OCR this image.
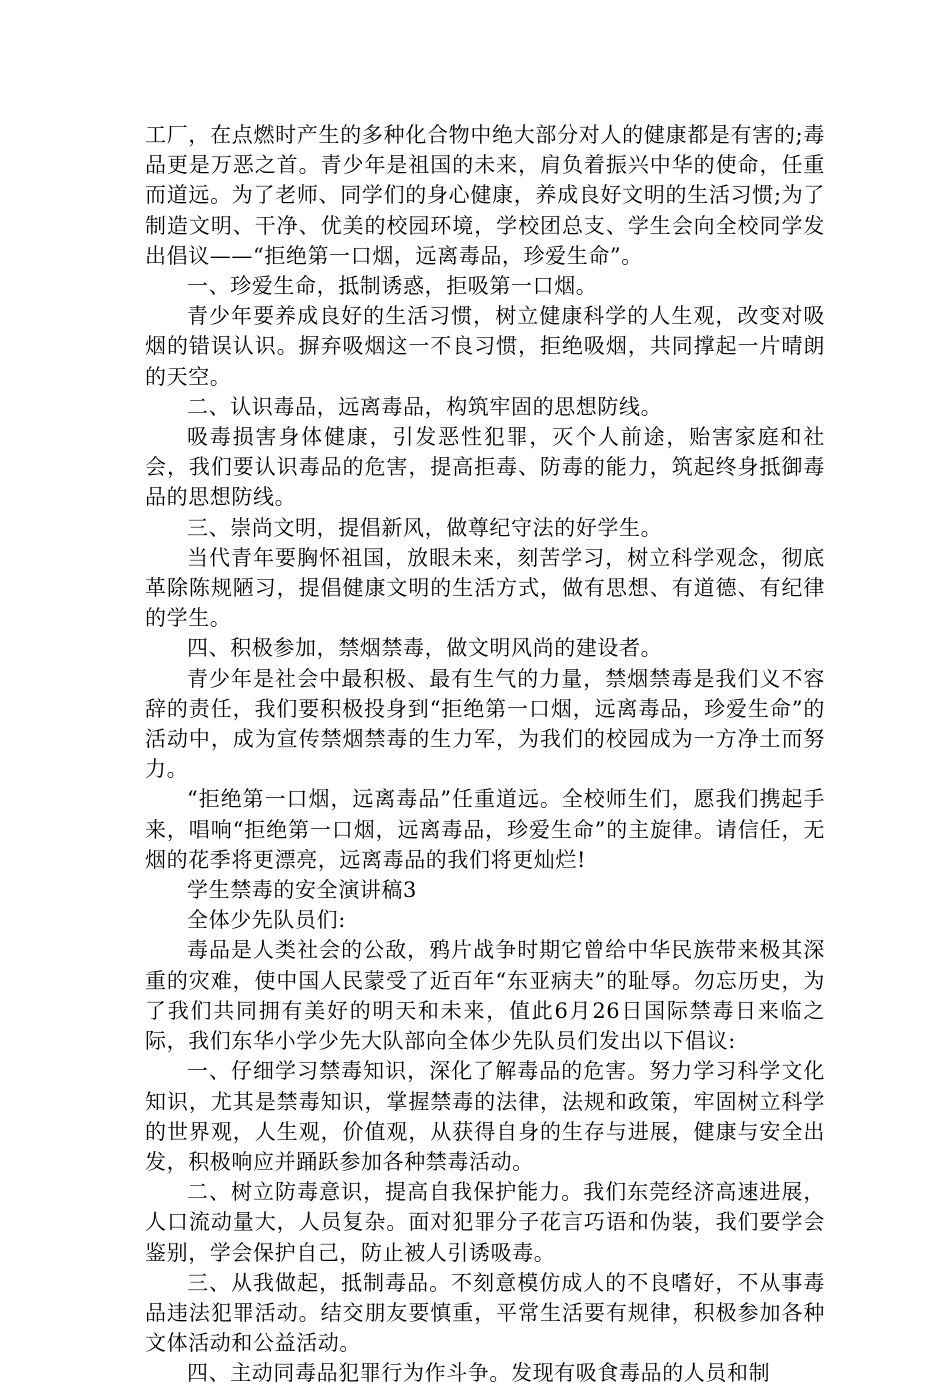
工厂，在点燃时产生的多种化合物中绝大部分对人的健康都是有害的;毒品更是万恶之首。青少年是祖国的未来，肩负着振兴中华的使命，任重而道远。为了老师、同学们的身心健康，养成良好文明的生活习惯;为了制造文明、干净、优美的校园环境，学校团总支、学生会向全校同学发出倡议——“拒绝第一口烟，远离毒品，珍爱生命”。

一、珍爱生命，抵制诱惑，拒吸第一口烟。

青少年要养成良好的生活习惯，树立健康科学的人生观，改变对吸烟的错误认识。摒弃吸烟这一不良习惯，拒绝吸烟，共同撑起一片晴朗的天空。

二、认识毒品，远离毒品，构筑牢固的思想防线。

吸毒损害身体健康，引发恶性犯罪，灭个人前途，贻害家庭和社会，我们要认识毒品的危害，提高拒毒、防毒的能力，筑起终身抵御毒品的思想防线。

三、崇尚文明，提倡新风，做尊纪守法的好学生。

当代青年要胸怀祖国，放眼未来，刻苦学习，树立科学观念，彻底革除陈规陋习，提倡健康文明的生活方式，做有思想、有道德、有纪律的学生。

四、积极参加，禁烟禁毒，做文明风尚的建设者。

青少年是社会中最积极、最有生气的力量，禁烟禁毒是我们义不容辞的责任，我们要积极投身到“拒绝第一口烟，远离毒品，珍爱生命”的活动中，成为宣传禁烟禁毒的生力军，为我们的校园成为一方净土而努力。

“拒绝第一口烟，远离毒品”任重道远。全校师生们，愿我们携起手来，唱响“拒绝第一口烟，远离毒品，珍爱生命”的主旋律。请信任，无烟的花季将更漂亮，远离毒品的我们将更灿烂!

学生禁毒的安全演讲稿3

全体少先队员们:

毒品是人类社会的公敌，鸦片战争时期它曾给中华民族带来极其深重的灾难，使中国人民蒙受了近百年“东亚病夫”的耻辱。勿忘历史，为了我们共同拥有美好的明天和未来，值此6月26日国际禁毒日来临之际，我们东华小学少先大队部向全体少先队员们发出以下倡议:

一、仔细学习禁毒知识，深化了解毒品的危害。努力学习科学文化知识，尤其是禁毒知识，掌握禁毒的法律，法规和政策，牢固树立科学的世界观，人生观，价值观，从获得自身的生存与进展，健康与安全出发，积极响应并踊跃参加各种禁毒活动。

二、树立防毒意识，提高自我保护能力。我们东莞经济高速进展，人口流动量大，人员复杂。面对犯罪分子花言巧语和伪装，我们要学会鉴别，学会保护自己，防止被人引诱吸毒。

三、从我做起，抵制毒品。不刻意模仿成人的不良嗜好，不从事毒品违法犯罪活动。结交朋友要慎重，平常生活要有规律，积极参加各种文体活动和公益活动。

四、主动同毒品犯罪行为作斗争。发现有吸食毒品的人员和制
